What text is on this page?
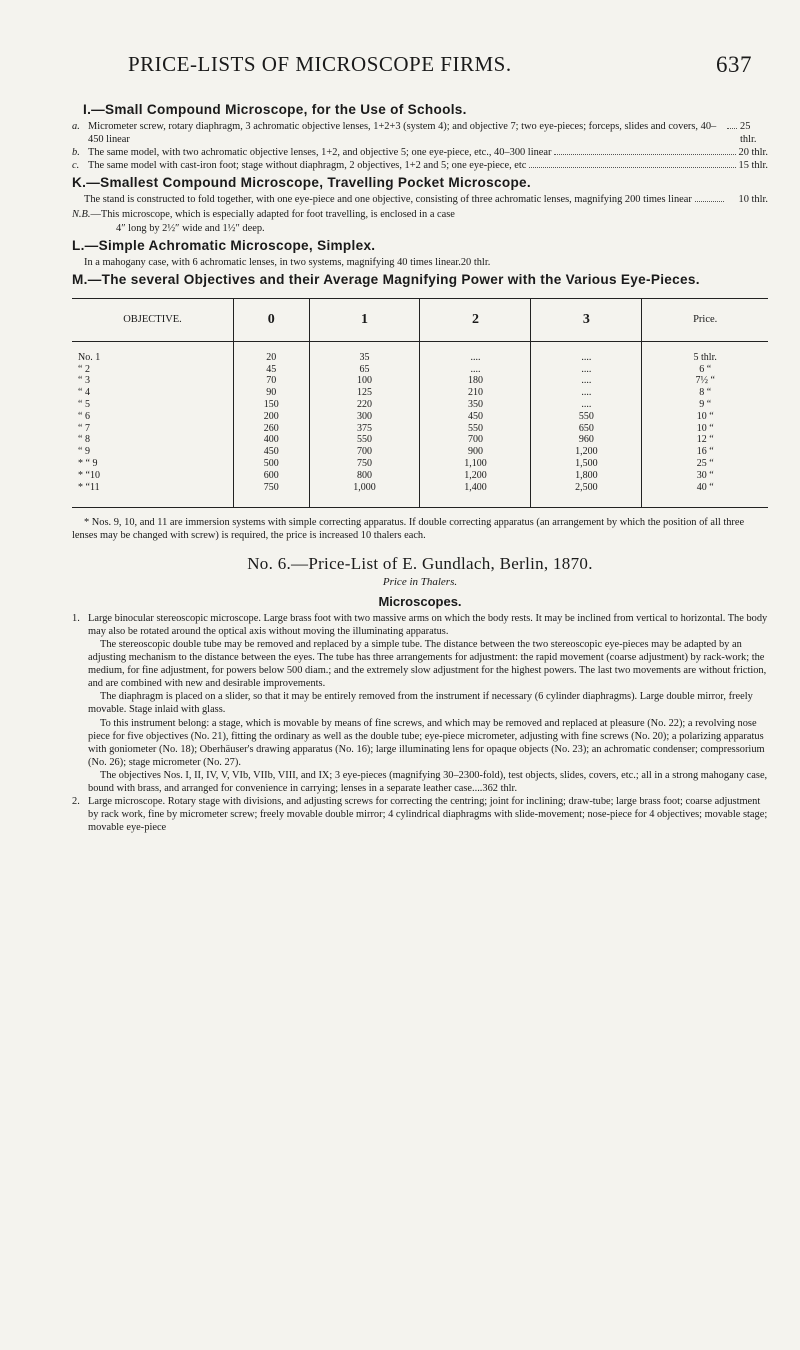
PRICE-LISTS OF MICROSCOPE FIRMS.	637
I.—Small Compound Microscope, for the Use of Schools.
a. Micrometer screw, rotary diaphragm, 3 achromatic objective lenses, 1+2+3 (system 4); and objective 7; two eye-pieces; forceps, slides and covers, 40–450 linear
25 thlr.
b. The same model, with two achromatic objective lenses, 1+2, and objective 5; one eye-piece, etc., 40–300 linear	20 thlr.
c. The same model with cast-iron foot; stage without diaphragm, 2 objectives, 1+2 and 5; one eye-piece, etc	15 thlr.
K.—Smallest Compound Microscope, Travelling Pocket Microscope.
The stand is constructed to fold together, with one eye-piece and one objective, consisting of three achromatic lenses, magnifying 200 times linear	10 thlr.
N.B.—This microscope, which is especially adapted for foot travelling, is enclosed in a case
4″ long by 2½″ wide and 1½″ deep.
L.—Simple Achromatic Microscope, Simplex.

In a mahogany case, with 6 achromatic lenses, in two systems, magnifying 40 times linear.20 thlr.

M.—The several Objectives and their Average Magnifying Power with the Various Eye-Pieces.
OBJECTIVE.	0	1	2	3	Price.
No. 1	20	35	....	....	5 thlr.
“ 2	45	65	....	....	6 “
“ 3	70	100	180	....	7½ “
“ 4	90	125	210	....	8 “
“ 5	150	220	350	....	9 “
“ 6	200	300	450	550	10 “
“ 7	260	375	550	650	10 “
“ 8	400	550	700	960	12 “
“ 9	450	700	900	1,200	16 “
* “ 9	500	750	1,100	1,500	25 “
* “10	600	800	1,200	1,800	30 “
* “11	750	1,000	1,400	2,500	40 “

* Nos. 9, 10, and 11 are immersion systems with simple correcting apparatus. If double correcting apparatus (an arrangement by which the position of all three lenses may be changed with screw) is required, the price is increased 10 thalers each.

No. 6.—Price-List of E. Gundlach, Berlin, 1870.
Price in Thalers.
Microscopes.
1. Large binocular stereoscopic microscope. Large brass foot with two massive arms on which the body rests. It may be inclined from vertical to horizontal. The body may also be rotated around the optical axis without moving the illuminating apparatus.

The stereoscopic double tube may be removed and replaced by a simple tube. The distance between the two stereoscopic eye-pieces may be adapted by an adjusting mechanism to the distance between the eyes. The tube has three arrangements for adjustment: the rapid movement (coarse adjustment) by rack-work; the medium, for fine adjustment, for powers below 500 diam.; and the extremely slow adjustment for the highest powers. The last two movements are without friction, and are combined with new and desirable improvements.

The diaphragm is placed on a slider, so that it may be entirely removed from the instrument if necessary (6 cylinder diaphragms). Large double mirror, freely movable. Stage inlaid with glass.

To this instrument belong: a stage, which is movable by means of fine screws, and which may be removed and replaced at pleasure (No. 22); a revolving nose piece for five objectives (No. 21), fitting the ordinary as well as the double tube; eye-piece micrometer, adjusting with fine screws (No. 20); a polarizing apparatus with goniometer (No. 18); Oberhäuser's drawing apparatus (No. 16); large illuminating lens for opaque objects (No. 23); an achromatic condenser; compressorium (No. 26); stage micrometer (No. 27).

The objectives Nos. I, II, IV, V, VIb, VIIb, VIII, and IX; 3 eye-pieces (magnifying 30–2300-fold), test objects, slides, covers, etc.; all in a strong mahogany case, bound with brass, and arranged for convenience in carrying; lenses in a separate leather case....362 thlr.

2. Large microscope. Rotary stage with divisions, and adjusting screws for correcting the centring; joint for inclining; draw-tube; large brass foot; coarse adjustment by rack work, fine by micrometer screw; freely movable double mirror; 4 cylindrical diaphragms with slide-movement; nose-piece for 4 objectives; movable stage; movable eye-piece
